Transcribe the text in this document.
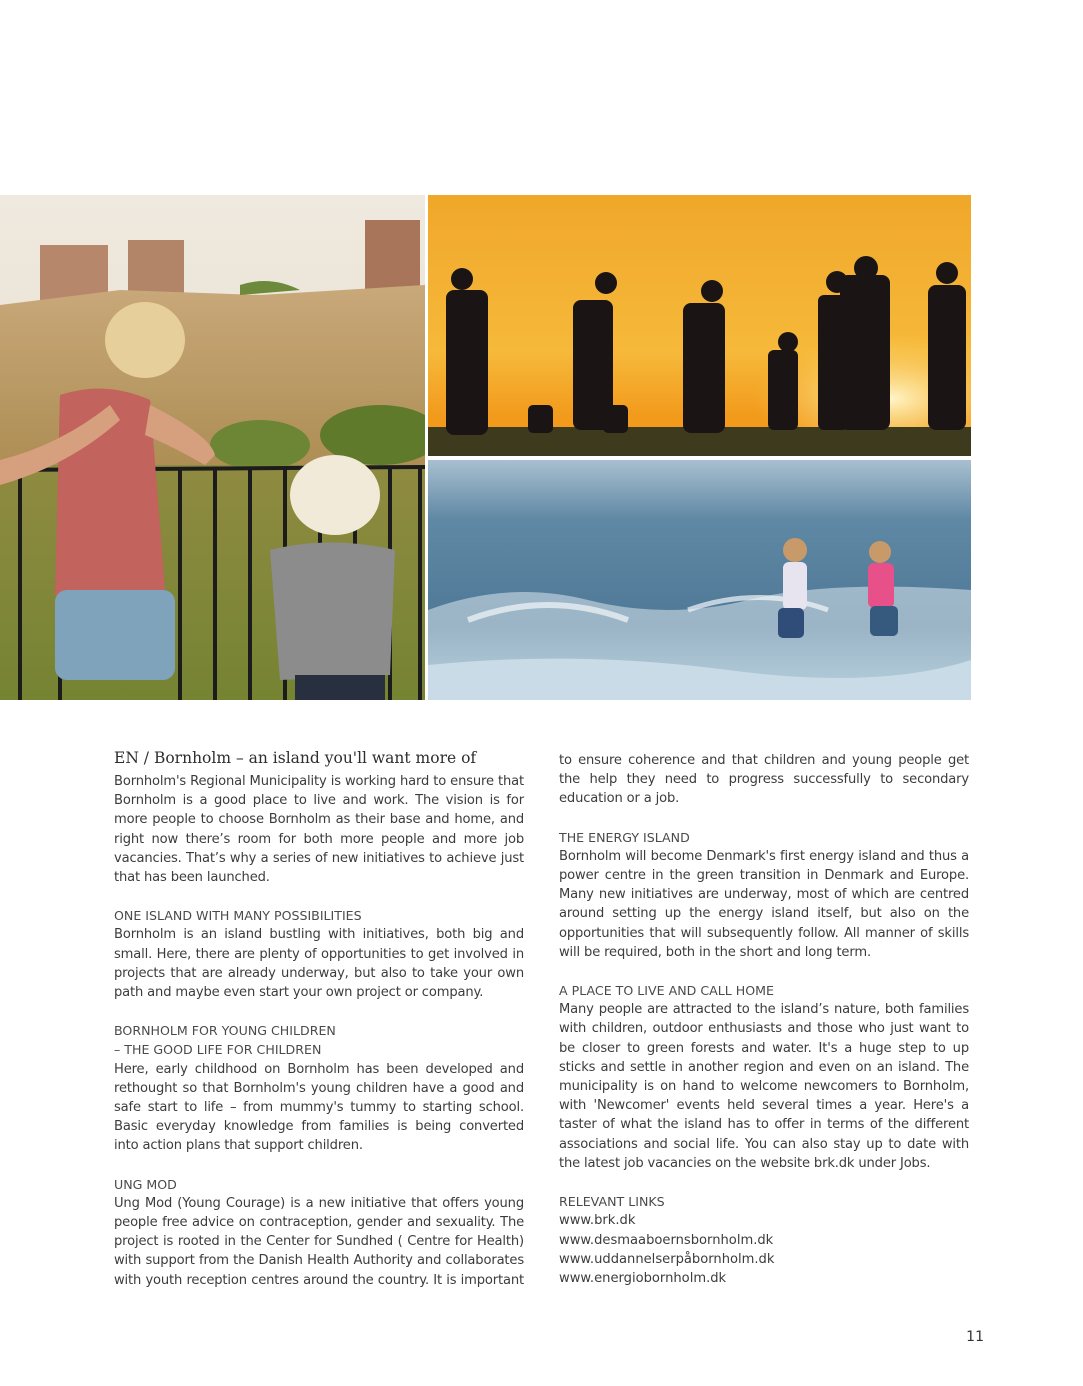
EN / Bornholm – an island you'll want more of

Bornholm's Regional Municipality is working hard to ensure that Bornholm is a good place to live and work. The vision is for more people to choose Bornholm as their base and home, and right now there’s room for both more people and more job vacancies. That’s why a series of new initiatives to achieve just that has been launched.

ONE ISLAND WITH MANY POSSIBILITIES

Bornholm is an island bustling with initiatives, both big and small. Here, there are plenty of opportunities to get involved in projects that are already underway, but also to take your own path and maybe even start your own project or company.

BORNHOLM FOR YOUNG CHILDREN
– THE GOOD LIFE FOR CHILDREN

Here, early childhood on Bornholm has been developed and rethought so that Bornholm's young children have a good and safe start to life – from mummy's tummy to starting school. Basic everyday knowledge from families is being converted into action plans that support children.

UNG MOD

Ung Mod (Young Courage) is a new initiative that offers young people free advice on contraception, gender and sexuality. The project is rooted in the Center for Sundhed ( Centre for Health) with support from the Danish Health Authority and collaborates with youth reception centres around the country. It is important

to ensure coherence and that children and young people get the help they need to progress successfully to secondary education or a job.

THE ENERGY ISLAND

Bornholm will become Denmark's first energy island and thus a power centre in the green transition in Denmark and Europe. Many new initiatives are underway, most of which are centred around setting up the energy island itself, but also on the opportunities that will subsequently follow. All manner of skills will be required, both in the short and long term.

A PLACE TO LIVE AND CALL HOME

Many people are attracted to the island’s nature, both families with children, outdoor enthusiasts and those who just want to be closer to green forests and water. It's a huge step to up sticks and settle in another region and even on an island. The municipality is on hand to welcome newcomers to Bornholm, with 'Newcomer' events held several times a year. Here's a taster of what the island has to offer in terms of the different associations and social life. You can also stay up to date with the latest job vacancies on the website brk.dk under Jobs.

RELEVANT LINKS
www.brk.dk
www.desmaaboernsbornholm.dk
www.uddannelserpåbornholm.dk
www.energiobornholm.dk
11
